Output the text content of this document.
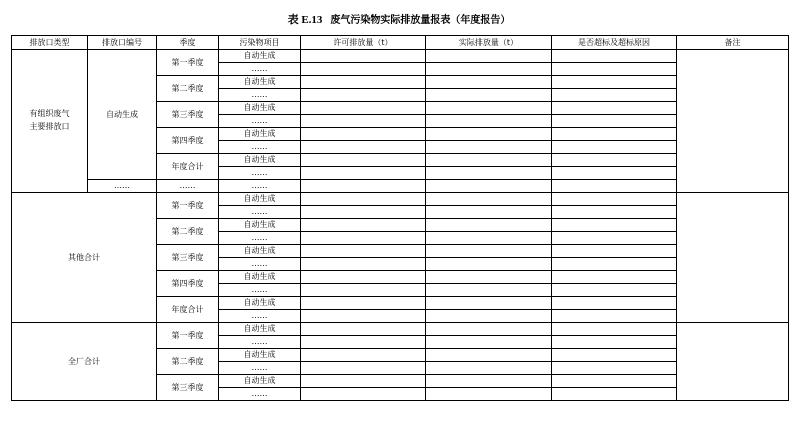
表 E.13 废气污染物实际排放量报表（年度报告）
排放口类型	排放口编号	季度	污染物项目	许可排放量（t）	实际排放量（t）	是否超标及超标原因	备注

有组织废气
主要排放口	自动生成	第一季度	自动生成				
			……				
		第二季度	自动生成				
			……				
		第三季度	自动生成				
			……				
		第四季度	自动生成				
			……				
		年度合计	自动生成				
			……				
	……	……	……				
其他合计		第一季度	自动生成				
			……				
		第二季度	自动生成				
			……				
		第三季度	自动生成				
			……				
		第四季度	自动生成				
			……				
		年度合计	自动生成				
			……				
全厂合计		第一季度	自动生成				
			……				
		第二季度	自动生成				
			……				
		第三季度	自动生成				
			……				
